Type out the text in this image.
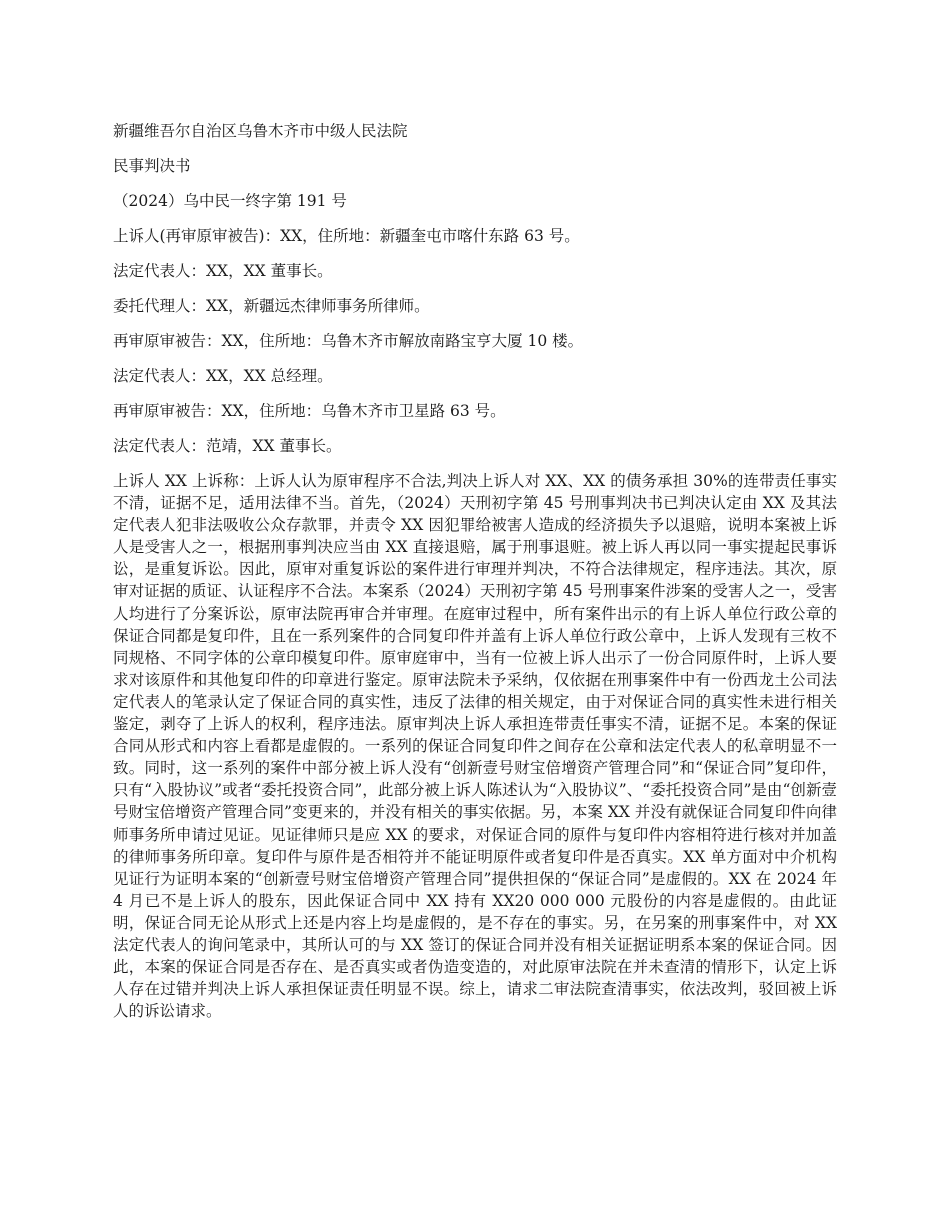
新疆维吾尔自治区乌鲁木齐市中级人民法院

民事判决书

（2024）乌中民一终字第 191 号

上诉人(再审原审被告)：XX，住所地：新疆奎屯市喀什东路 63 号。

法定代表人：XX，XX 董事长。

委托代理人：XX，新疆远杰律师事务所律师。

再审原审被告：XX，住所地：乌鲁木齐市解放南路宝亨大厦 10 楼。

法定代表人：XX，XX 总经理。

再审原审被告：XX，住所地：乌鲁木齐市卫星路 63 号。

法定代表人：范靖，XX 董事长。

上诉人 XX 上诉称：上诉人认为原审程序不合法,判决上诉人对 XX、XX 的债务承担 30%的连带责任事实不清，证据不足，适用法律不当。首先，（2024）天刑初字第 45 号刑事判决书已判决认定由 XX 及其法定代表人犯非法吸收公众存款罪，并责令 XX 因犯罪给被害人造成的经济损失予以退赔，说明本案被上诉人是受害人之一，根据刑事判决应当由 XX 直接退赔，属于刑事退赃。被上诉人再以同一事实提起民事诉讼，是重复诉讼。因此，原审对重复诉讼的案件进行审理并判决，不符合法律规定，程序违法。其次，原审对证据的质证、认证程序不合法。本案系（2024）天刑初字第 45 号刑事案件涉案的受害人之一，受害人均进行了分案诉讼，原审法院再审合并审理。在庭审过程中，所有案件出示的有上诉人单位行政公章的保证合同都是复印件，且在一系列案件的合同复印件并盖有上诉人单位行政公章中，上诉人发现有三枚不同规格、不同字体的公章印模复印件。原审庭审中，当有一位被上诉人出示了一份合同原件时，上诉人要求对该原件和其他复印件的印章进行鉴定。原审法院未予采纳，仅依据在刑事案件中有一份西龙土公司法定代表人的笔录认定了保证合同的真实性，违反了法律的相关规定，由于对保证合同的真实性未进行相关鉴定，剥夺了上诉人的权利，程序违法。原审判决上诉人承担连带责任事实不清，证据不足。本案的保证合同从形式和内容上看都是虚假的。一系列的保证合同复印件之间存在公章和法定代表人的私章明显不一致。同时，这一系列的案件中部分被上诉人没有“创新壹号财宝倍增资产管理合同”和“保证合同”复印件，只有“入股协议”或者“委托投资合同”，此部分被上诉人陈述认为“入股协议”、“委托投资合同”是由“创新壹号财宝倍增资产管理合同”变更来的，并没有相关的事实依据。另，本案 XX 并没有就保证合同复印件向律师事务所申请过见证。见证律师只是应 XX 的要求，对保证合同的原件与复印件内容相符进行核对并加盖的律师事务所印章。复印件与原件是否相符并不能证明原件或者复印件是否真实。XX 单方面对中介机构见证行为证明本案的“创新壹号财宝倍增资产管理合同”提供担保的“保证合同”是虚假的。XX 在 2024 年 4 月已不是上诉人的股东，因此保证合同中 XX 持有 XX20 000 000 元股份的内容是虚假的。由此证明，保证合同无论从形式上还是内容上均是虚假的，是不存在的事实。另，在另案的刑事案件中，对 XX 法定代表人的询问笔录中，其所认可的与 XX 签订的保证合同并没有相关证据证明系本案的保证合同。因此，本案的保证合同是否存在、是否真实或者伪造变造的，对此原审法院在并未查清的情形下，认定上诉人存在过错并判决上诉人承担保证责任明显不误。综上，请求二审法院查清事实，依法改判，驳回被上诉人的诉讼请求。
